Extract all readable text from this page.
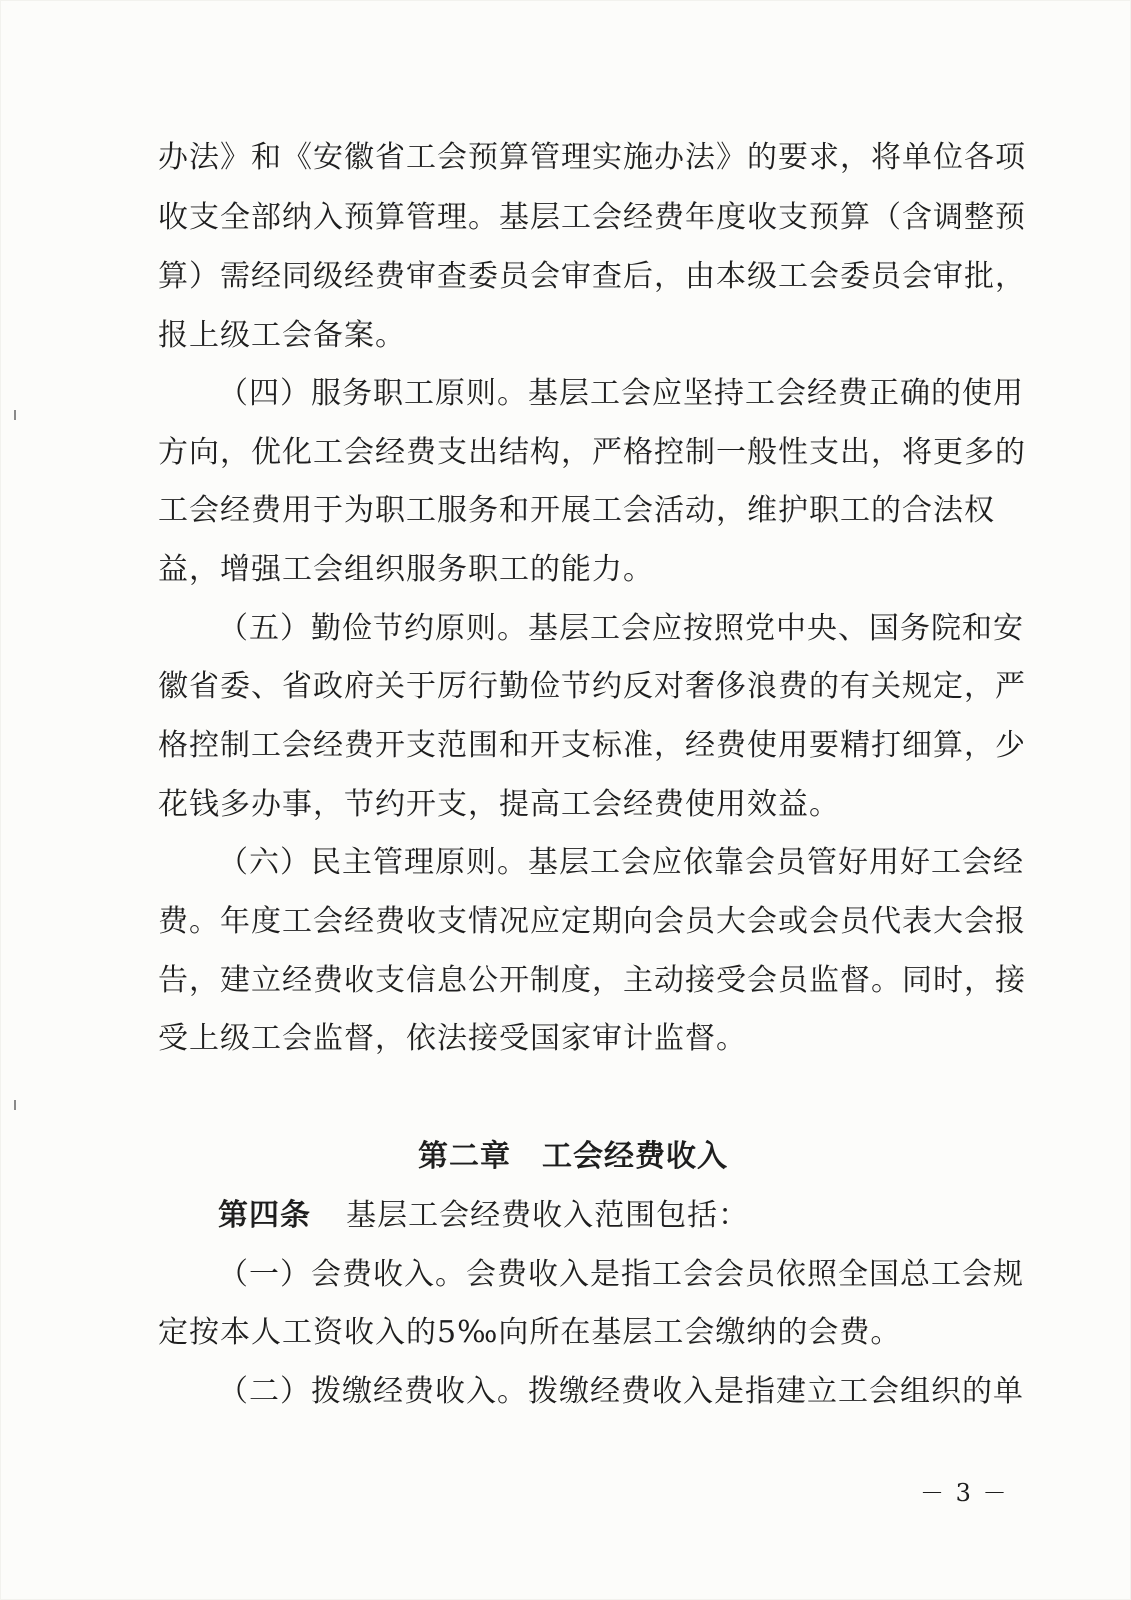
办法》和《安徽省工会预算管理实施办法》的要求，将单位各项
收支全部纳入预算管理。基层工会经费年度收支预算（含调整预
算）需经同级经费审查委员会审查后，由本级工会委员会审批，
报上级工会备案。
（四）服务职工原则。基层工会应坚持工会经费正确的使用
方向，优化工会经费支出结构，严格控制一般性支出，将更多的
工会经费用于为职工服务和开展工会活动，维护职工的合法权
益，增强工会组织服务职工的能力。
（五）勤俭节约原则。基层工会应按照党中央、国务院和安
徽省委、省政府关于厉行勤俭节约反对奢侈浪费的有关规定，严
格控制工会经费开支范围和开支标准，经费使用要精打细算，少
花钱多办事，节约开支，提高工会经费使用效益。
（六）民主管理原则。基层工会应依靠会员管好用好工会经
费。年度工会经费收支情况应定期向会员大会或会员代表大会报
告，建立经费收支信息公开制度，主动接受会员监督。同时，接
受上级工会监督，依法接受国家审计监督。
第二章　工会经费收入
第四条 基层工会经费收入范围包括：
（一）会费收入。会费收入是指工会会员依照全国总工会规
定按本人工资收入的5‰向所在基层工会缴纳的会费。
（二）拨缴经费收入。拨缴经费收入是指建立工会组织的单
－ 3 －
